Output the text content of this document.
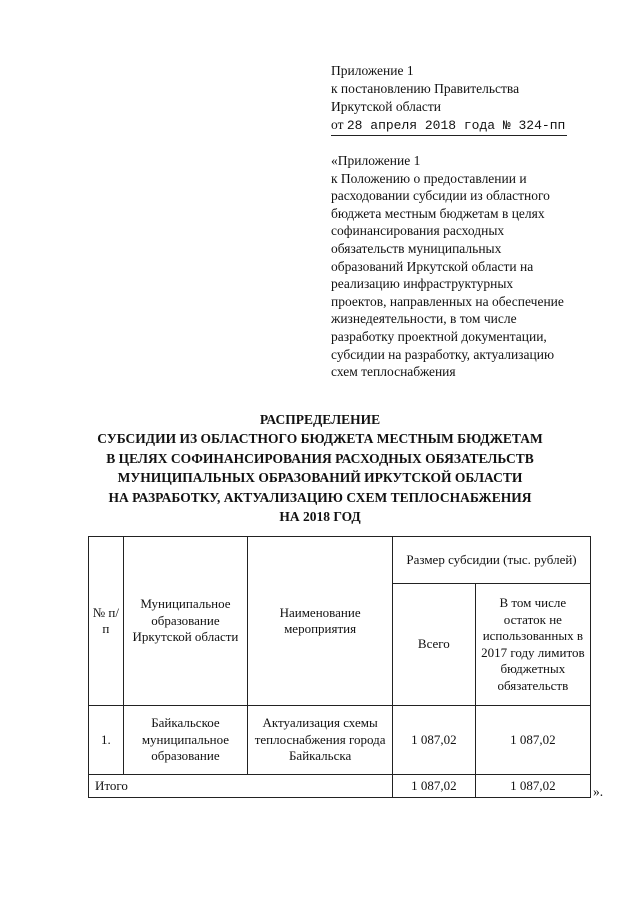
Приложение 1
к постановлению Правительства
Иркутской области
от 28 апреля 2018 года № 324-пп
«Приложение 1
к Положению о предоставлении и
расходовании субсидии из областного
бюджета местным бюджетам в целях
софинансирования расходных
обязательств муниципальных
образований Иркутской области на
реализацию инфраструктурных
проектов, направленных на обеспечение
жизнедеятельности, в том числе
разработку проектной документации,
субсидии на разработку, актуализацию
схем теплоснабжения
РАСПРЕДЕЛЕНИЕ
СУБСИДИИ ИЗ ОБЛАСТНОГО БЮДЖЕТА МЕСТНЫМ БЮДЖЕТАМ
В ЦЕЛЯХ СОФИНАНСИРОВАНИЯ РАСХОДНЫХ ОБЯЗАТЕЛЬСТВ
МУНИЦИПАЛЬНЫХ ОБРАЗОВАНИЙ ИРКУТСКОЙ ОБЛАСТИ
НА РАЗРАБОТКУ, АКТУАЛИЗАЦИЮ СХЕМ ТЕПЛОСНАБЖЕНИЯ
НА 2018 ГОД
№ п/п	Муниципальное образование Иркутской области	Наименование мероприятия	Размер субсидии (тыс. рублей)	
			Всего	В том числе остаток не использованных в 2017 году лимитов бюджетных обязательств
1.	Байкальское муниципальное образование	Актуализация схемы теплоснабжения города Байкальска	1 087,02	1 087,02
Итого			1 087,02	1 087,02	».
